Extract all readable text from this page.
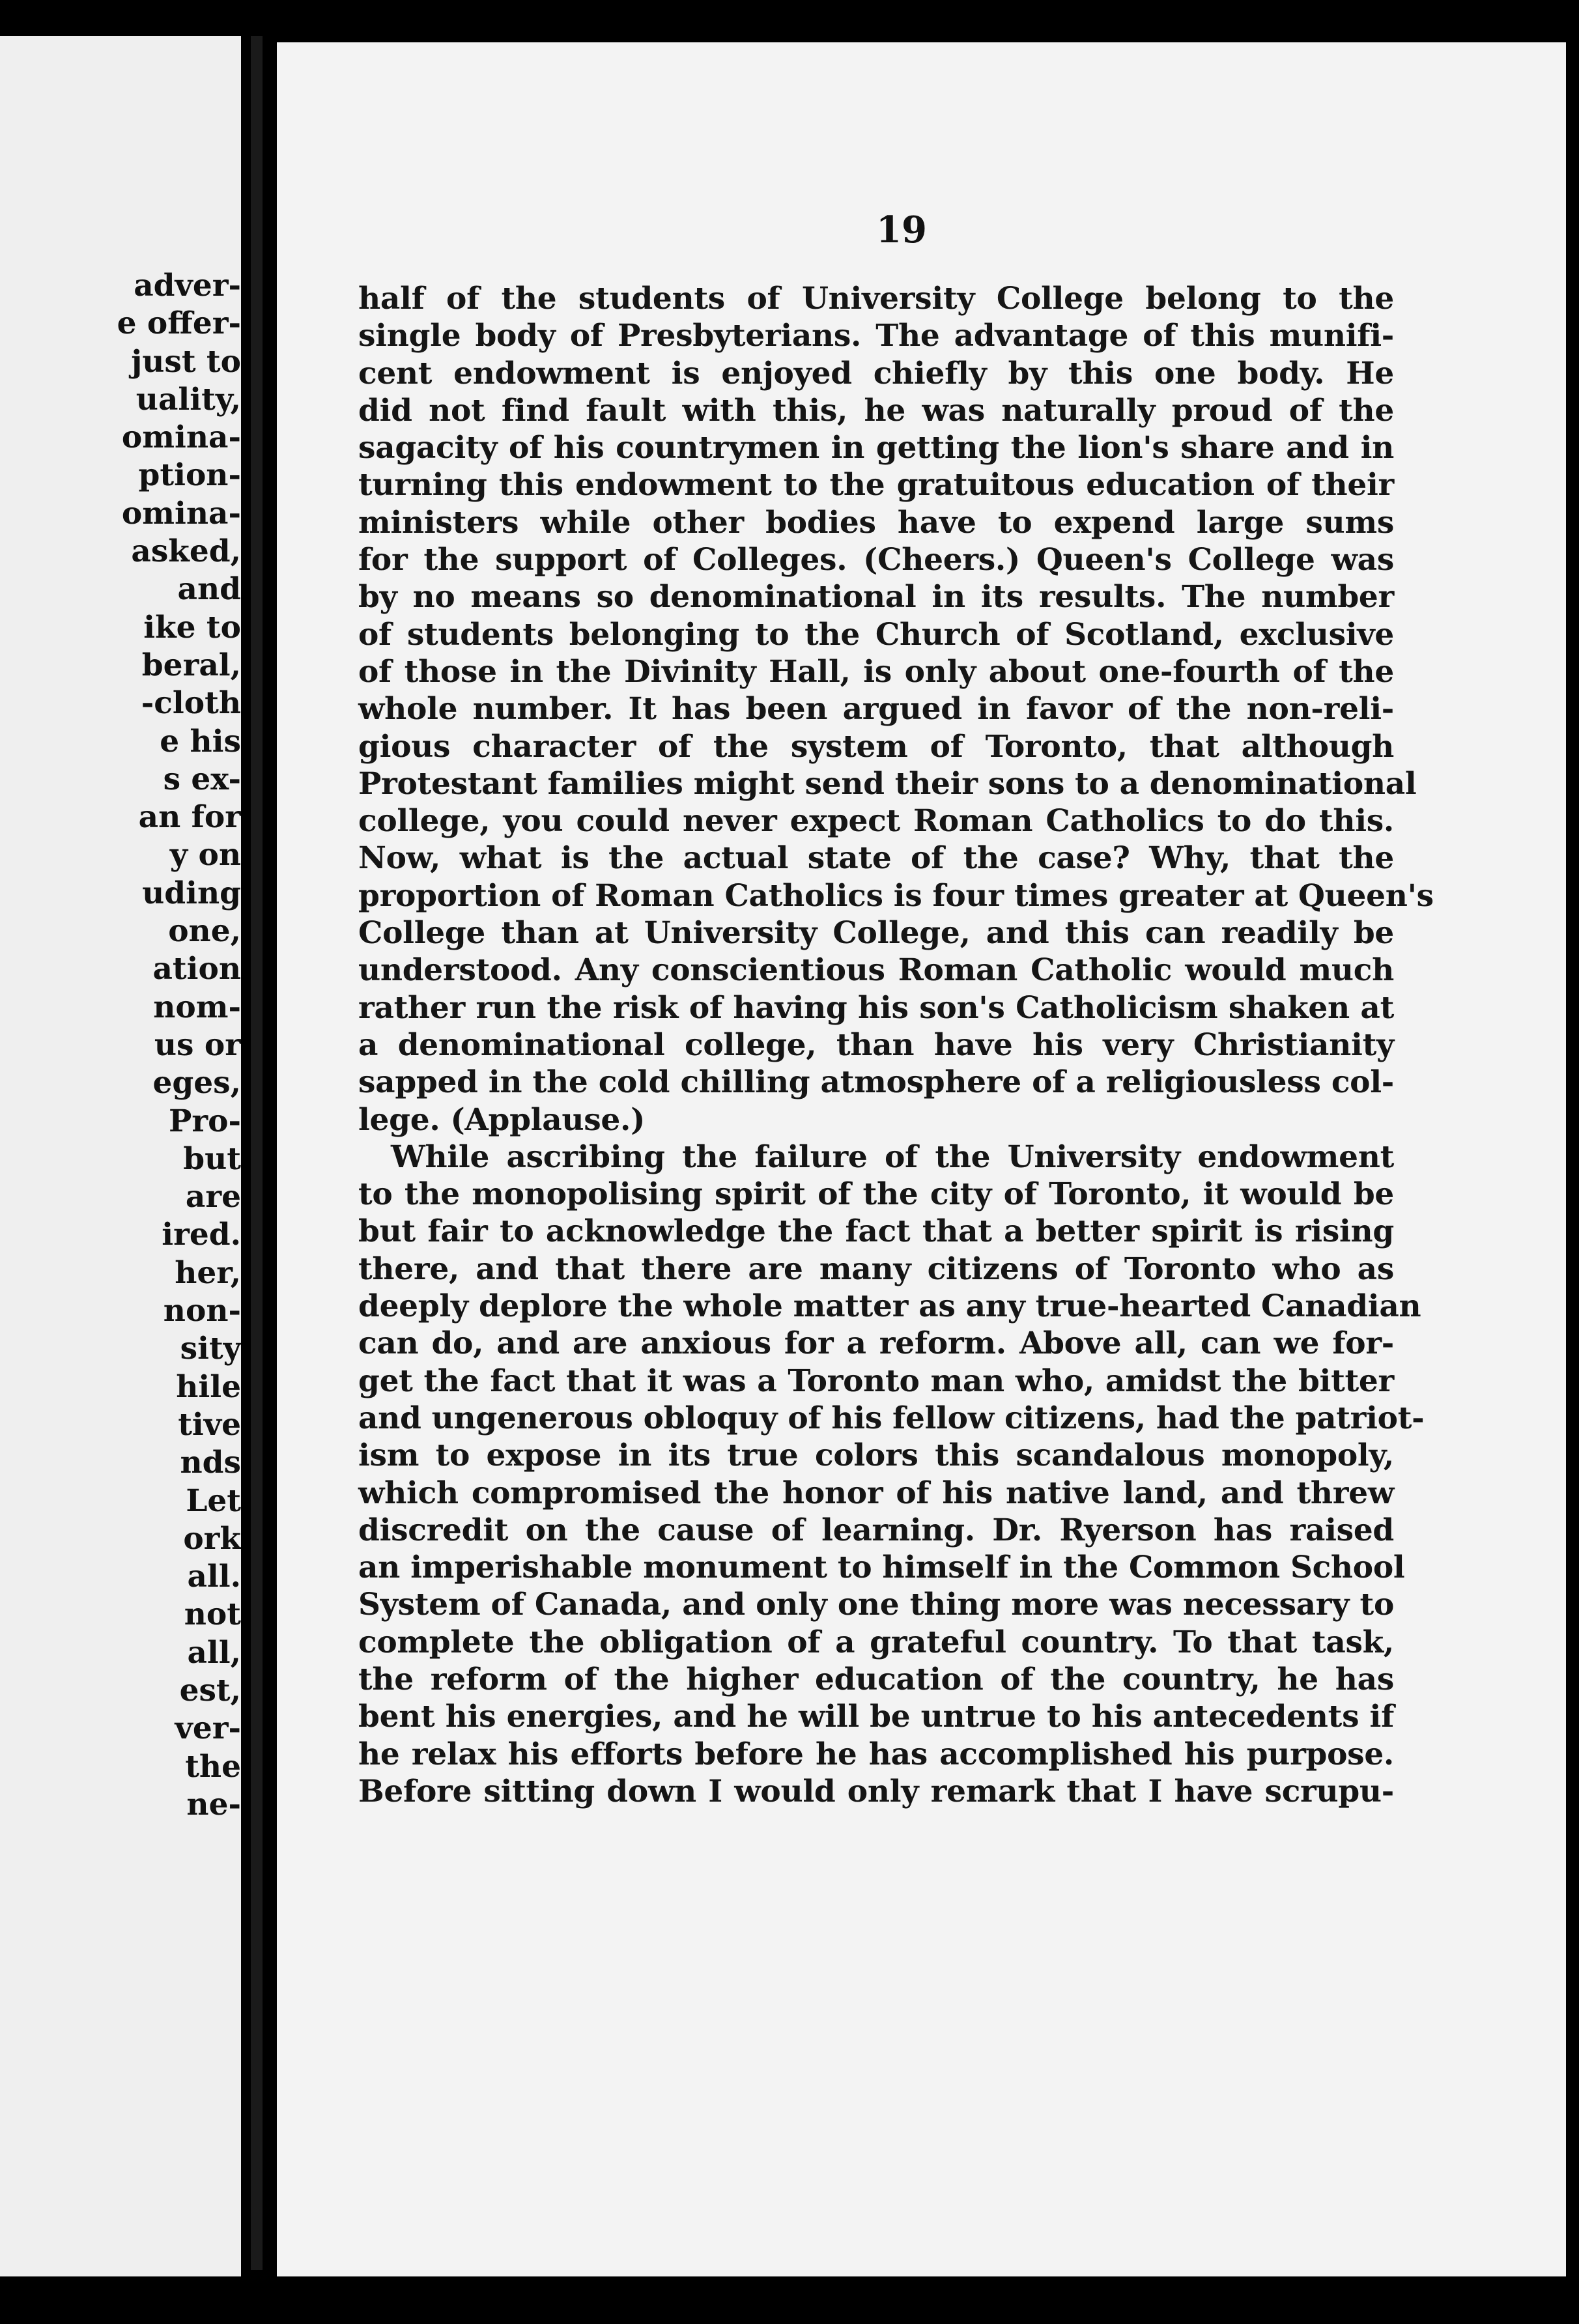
adver-
e offer-
just to
uality,
omina-
ption-
omina-
asked,
and
ike to
beral,
-cloth
e his
s ex-
an for
y on
uding
one,
ation
nom-
us or
eges,
Pro-
but
are
ired.
her,
non-
sity
hile
tive
nds
Let
ork
all.
not
all,
est,
ver-
the
ne-

19

half of the students of University College belong to the
single body of Presbyterians. The advantage of this munifi-
cent endowment is enjoyed chiefly by this one body. He
did not find fault with this, he was naturally proud of the
sagacity of his countrymen in getting the lion's share and in
turning this endowment to the gratuitous education of their
ministers while other bodies have to expend large sums
for the support of Colleges. (Cheers.) Queen's College was
by no means so denominational in its results. The number
of students belonging to the Church of Scotland, exclusive
of those in the Divinity Hall, is only about one-fourth of the
whole number. It has been argued in favor of the non-reli-
gious character of the system of Toronto, that although
Protestant families might send their sons to a denominational
college, you could never expect Roman Catholics to do this.
Now, what is the actual state of the case? Why, that the
proportion of Roman Catholics is four times greater at Queen's
College than at University College, and this can readily be
understood. Any conscientious Roman Catholic would much
rather run the risk of having his son's Catholicism shaken at
a denominational college, than have his very Christianity
sapped in the cold chilling atmosphere of a religiousless col-
lege. (Applause.)
While ascribing the failure of the University endowment
to the monopolising spirit of the city of Toronto, it would be
but fair to acknowledge the fact that a better spirit is rising
there, and that there are many citizens of Toronto who as
deeply deplore the whole matter as any true-hearted Canadian
can do, and are anxious for a reform. Above all, can we for-
get the fact that it was a Toronto man who, amidst the bitter
and ungenerous obloquy of his fellow citizens, had the patriot-
ism to expose in its true colors this scandalous monopoly,
which compromised the honor of his native land, and threw
discredit on the cause of learning. Dr. Ryerson has raised
an imperishable monument to himself in the Common School
System of Canada, and only one thing more was necessary to
complete the obligation of a grateful country. To that task,
the reform of the higher education of the country, he has
bent his energies, and he will be untrue to his antecedents if
he relax his efforts before he has accomplished his purpose.
Before sitting down I would only remark that I have scrupu-
